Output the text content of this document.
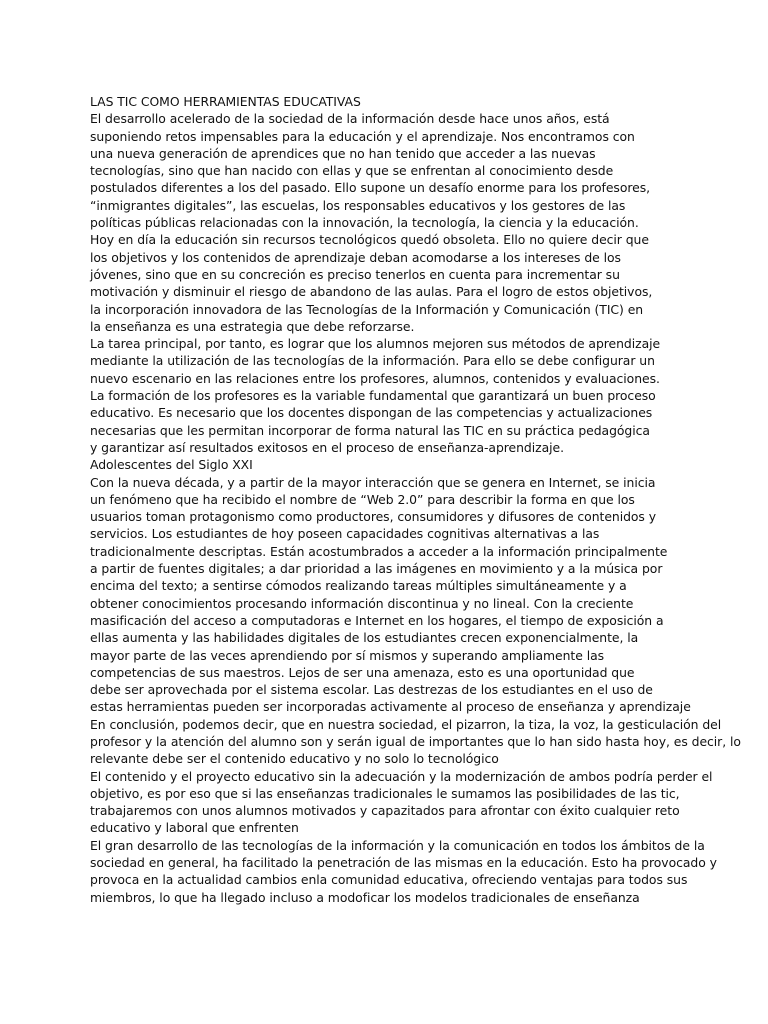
LAS TIC COMO HERRAMIENTAS EDUCATIVAS
El desarrollo acelerado de la sociedad de la información desde hace unos años, está
suponiendo retos impensables para la educación y el aprendizaje. Nos encontramos con
una nueva generación de aprendices que no han tenido que acceder a las nuevas
tecnologías, sino que han nacido con ellas y que se enfrentan al conocimiento desde
postulados diferentes a los del pasado. Ello supone un desafío enorme para los profesores,
“inmigrantes digitales”, las escuelas, los responsables educativos y los gestores de las
políticas públicas relacionadas con la innovación, la tecnología, la ciencia y la educación.
Hoy en día la educación sin recursos tecnológicos quedó obsoleta. Ello no quiere decir que
los objetivos y los contenidos de aprendizaje deban acomodarse a los intereses de los
jóvenes, sino que en su concreción es preciso tenerlos en cuenta para incrementar su
motivación y disminuir el riesgo de abandono de las aulas. Para el logro de estos objetivos,
la incorporación innovadora de las Tecnologías de la Información y Comunicación (TIC) en
la enseñanza es una estrategia que debe reforzarse.
La tarea principal, por tanto, es lograr que los alumnos mejoren sus métodos de aprendizaje
mediante la utilización de las tecnologías de la información. Para ello se debe configurar un
nuevo escenario en las relaciones entre los profesores, alumnos, contenidos y evaluaciones.
La formación de los profesores es la variable fundamental que garantizará un buen proceso
educativo. Es necesario que los docentes dispongan de las competencias y actualizaciones
necesarias que les permitan incorporar de forma natural las TIC en su práctica pedagógica
y garantizar así resultados exitosos en el proceso de enseñanza-aprendizaje.
Adolescentes del Siglo XXI
Con la nueva década, y a partir de la mayor interacción que se genera en Internet, se inicia
un fenómeno que ha recibido el nombre de “Web 2.0” para describir la forma en que los
usuarios toman protagonismo como productores, consumidores y difusores de contenidos y
servicios. Los estudiantes de hoy poseen capacidades cognitivas alternativas a las
tradicionalmente descriptas. Están acostumbrados a acceder a la información principalmente
a partir de fuentes digitales; a dar prioridad a las imágenes en movimiento y a la música por
encima del texto; a sentirse cómodos realizando tareas múltiples simultáneamente y a
obtener conocimientos procesando información discontinua y no lineal. Con la creciente
masificación del acceso a computadoras e Internet en los hogares, el tiempo de exposición a
ellas aumenta y las habilidades digitales de los estudiantes crecen exponencialmente, la
mayor parte de las veces aprendiendo por sí mismos y superando ampliamente las
competencias de sus maestros. Lejos de ser una amenaza, esto es una oportunidad que
debe ser aprovechada por el sistema escolar. Las destrezas de los estudiantes en el uso de
estas herramientas pueden ser incorporadas activamente al proceso de enseñanza y aprendizaje
En conclusión, podemos decir, que en nuestra sociedad, el pizarron, la tiza, la voz, la gesticulación del
profesor y la atención del alumno son y serán igual de importantes que lo han sido hasta hoy, es decir, lo
relevante debe ser el contenido educativo y no solo lo tecnológico
El contenido y el proyecto educativo sin la adecuación y la modernización de ambos podría perder el
objetivo, es por eso que si las enseñanzas tradicionales le sumamos las posibilidades de las tic,
trabajaremos con unos alumnos motivados y capazitados para afrontar con éxito cualquier reto
educativo y laboral que enfrenten
El gran desarrollo de las tecnologías de la información y la comunicación en todos los ámbitos de la
sociedad en general, ha facilitado la penetración de las mismas en la educación. Esto ha provocado y
provoca en la actualidad cambios enla comunidad educativa, ofreciendo ventajas para todos sus
miembros, lo que ha llegado incluso a modoficar los modelos tradicionales de enseñanza
